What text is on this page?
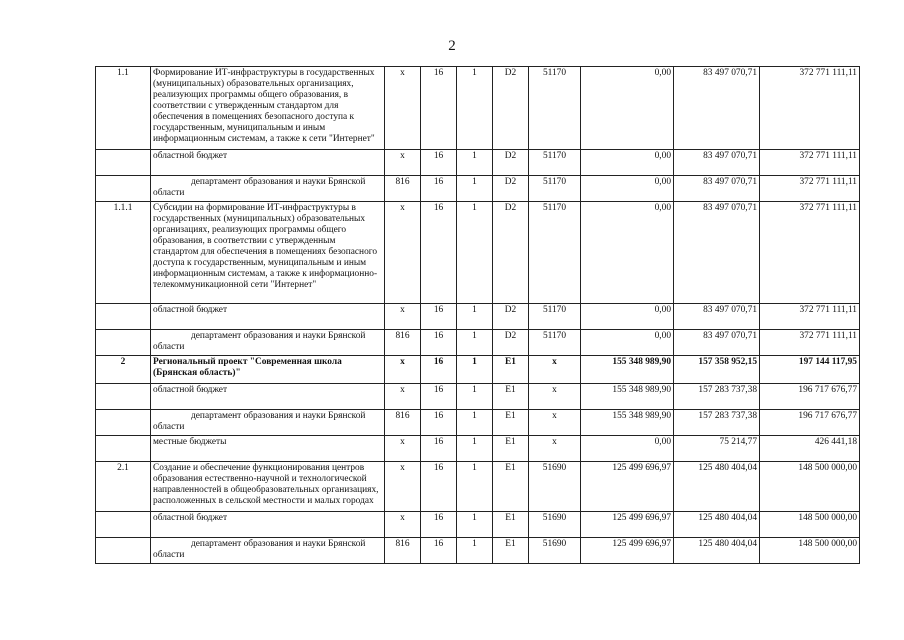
2
1.1	Формирование ИТ-инфраструктуры в государственных (муниципальных) образовательных организациях, реализующих программы общего образования, в соответствии с утвержденным стандартом для обеспечения в помещениях безопасного доступа к государственным, муниципальным и иным информационным системам, а также к сети "Интернет"	x	16	1	D2	51170	0,00	83 497 070,71	372 771 111,11
	областной бюджет	x	16	1	D2	51170	0,00	83 497 070,71	372 771 111,11
	департамент образования и науки Брянской области	816	16	1	D2	51170	0,00	83 497 070,71	372 771 111,11
1.1.1	Субсидии на формирование ИТ-инфраструктуры в государственных (муниципальных) образовательных организациях, реализующих программы общего образования, в соответствии с утвержденным стандартом для обеспечения в помещениях безопасного доступа к государственным, муниципальным и иным информационным системам, а также к информационно-телекоммуникационной сети "Интернет"	x	16	1	D2	51170	0,00	83 497 070,71	372 771 111,11
	областной бюджет	x	16	1	D2	51170	0,00	83 497 070,71	372 771 111,11
	департамент образования и науки Брянской области	816	16	1	D2	51170	0,00	83 497 070,71	372 771 111,11
2	Региональный проект "Современная школа (Брянская область)"	x	16	1	E1	x	155 348 989,90	157 358 952,15	197 144 117,95
	областной бюджет	x	16	1	E1	x	155 348 989,90	157 283 737,38	196 717 676,77
	департамент образования и науки Брянской области	816	16	1	E1	x	155 348 989,90	157 283 737,38	196 717 676,77
	местные бюджеты	x	16	1	E1	x	0,00	75 214,77	426 441,18
2.1	Создание и обеспечение функционирования центров образования естественно-научной и технологической направленностей в общеобразовательных организациях, расположенных в сельской местности и малых городах	x	16	1	E1	51690	125 499 696,97	125 480 404,04	148 500 000,00
	областной бюджет	x	16	1	E1	51690	125 499 696,97	125 480 404,04	148 500 000,00
	департамент образования и науки Брянской области	816	16	1	E1	51690	125 499 696,97	125 480 404,04	148 500 000,00
